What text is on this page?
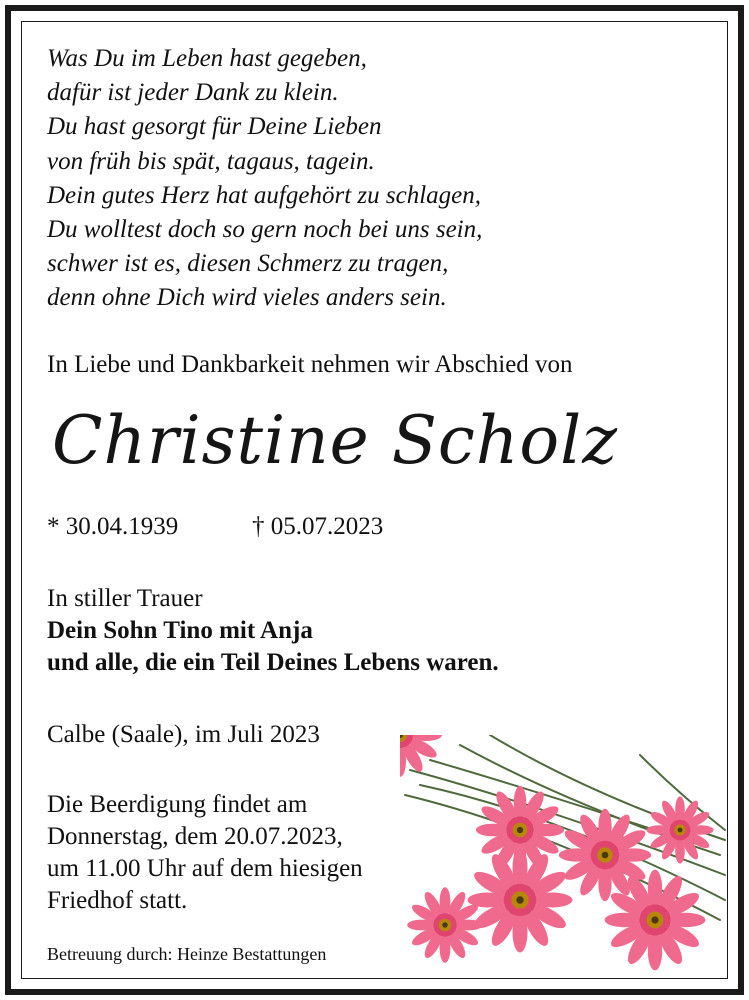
Was Du im Leben hast gegeben,
dafür ist jeder Dank zu klein.
Du hast gesorgt für Deine Lieben
von früh bis spät, tagaus, tagein.
Dein gutes Herz hat aufgehört zu schlagen,
Du wolltest doch so gern noch bei uns sein,
schwer ist es, diesen Schmerz zu tragen,
denn ohne Dich wird vieles anders sein.
In Liebe und Dankbarkeit nehmen wir Abschied von
Christine Scholz
* 30.04.1939	† 05.07.2023
In stiller Trauer
Dein Sohn Tino mit Anja
und alle, die ein Teil Deines Lebens waren.
Calbe (Saale), im Juli 2023
Die Beerdigung findet am
Donnerstag, dem 20.07.2023,
um 11.00 Uhr auf dem hiesigen
Friedhof statt.
Betreuung durch: Heinze Bestattungen
